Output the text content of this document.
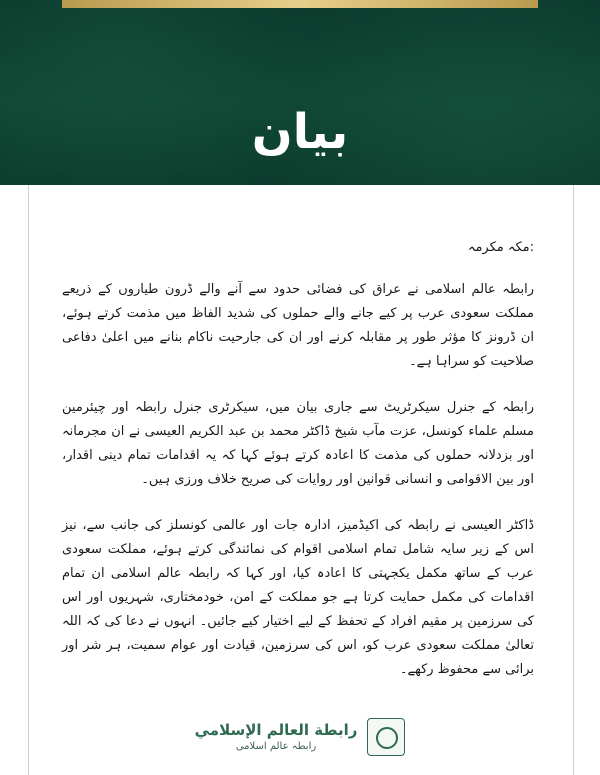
بیان
:مکہ مکرمہ

رابطہ عالم اسلامی نے عراق کی فضائی حدود سے آنے والے ڈرون طیاروں کے ذریعے مملکت سعودی عرب پر کیے جانے والے حملوں کی شدید الفاظ میں مذمت کرتے ہوئے، ان ڈرونز کا مؤثر طور پر مقابلہ کرنے اور ان کی جارحیت ناکام بنانے میں اعلیٰ دفاعی صلاحیت کو سراہا ہے۔

رابطہ کے جنرل سیکرٹریٹ سے جاری بیان میں، سیکرٹری جنرل رابطہ اور چیئرمین مسلم علماء کونسل، عزت مآب شیخ ڈاکٹر محمد بن عبد الکریم العیسی نے ان مجرمانہ اور بزدلانہ حملوں کی مذمت کا اعادہ کرتے ہوئے کہا کہ یہ اقدامات تمام دینی اقدار، اور بین الاقوامی و انسانی قوانین اور روایات کی صریح خلاف ورزی ہیں۔

ڈاکٹر العیسی نے رابطہ کی اکیڈمیز، ادارہ جات اور عالمی کونسلز کی جانب سے، نیز اس کے زیر سایہ شامل تمام اسلامی اقوام کی نمائندگی کرتے ہوئے، مملکت سعودی عرب کے ساتھ مکمل یکجہتی کا اعادہ کیا، اور کہا کہ رابطہ عالم اسلامی ان تمام اقدامات کی مکمل حمایت کرتا ہے جو مملکت کے امن، خودمختاری، شہریوں اور اس کی سرزمین پر مقیم افراد کے تحفظ کے لیے اختیار کیے جائیں۔ انہوں نے دعا کی کہ اللہ تعالیٰ مملکت سعودی عرب کو، اس کی سرزمین، قیادت اور عوام سمیت، ہر شر اور برائی سے محفوظ رکھے۔

رابطة العالم الإسلامي
رابطہ عالم اسلامی
